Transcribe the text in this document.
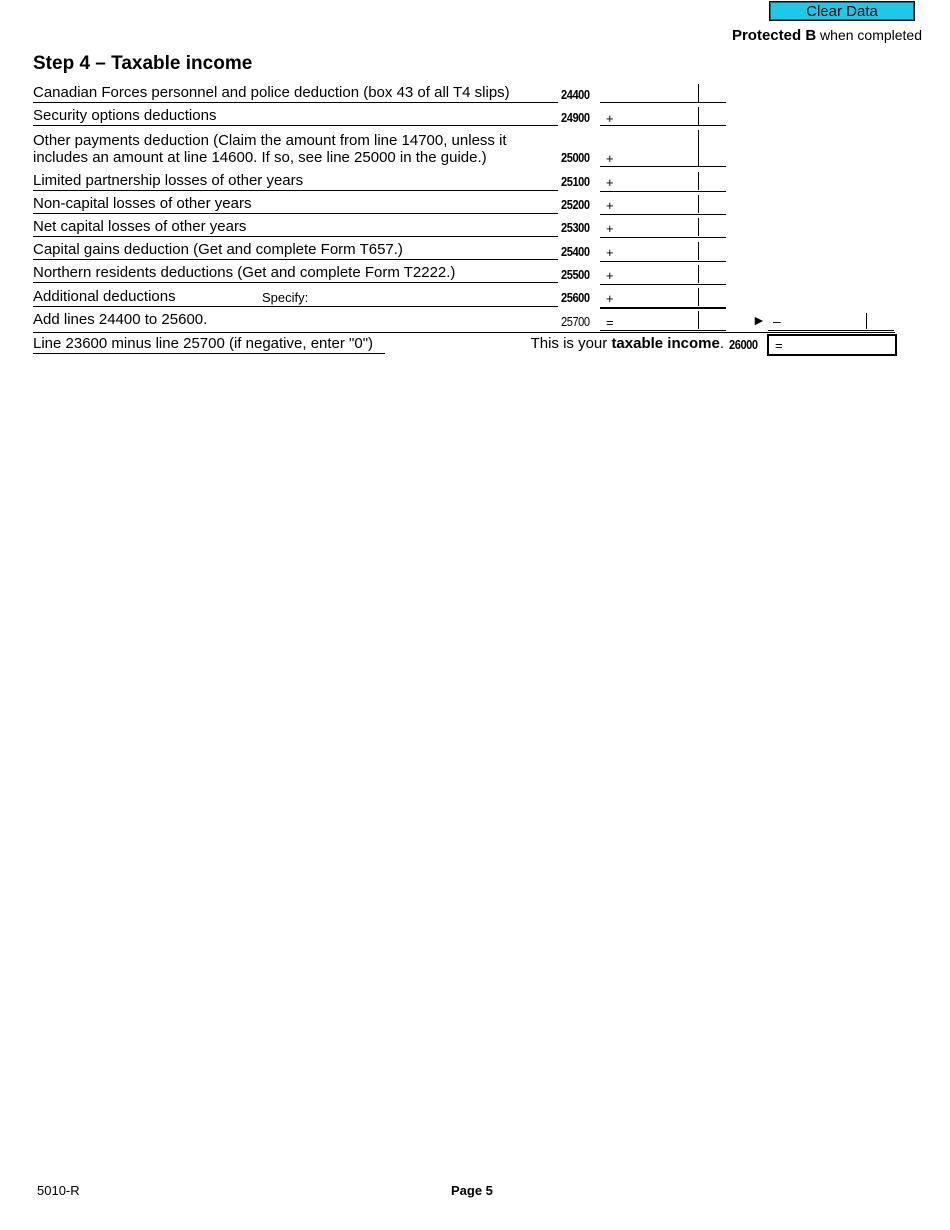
Clear Data
Protected B when completed
Step 4 – Taxable income
Canadian Forces personnel and police deduction (box 43 of all T4 slips)	24400
Security options deductions	24900 +
Other payments deduction (Claim the amount from line 14700, unless it includes an amount at line 14600. If so, see line 25000 in the guide.)	25000 +
Limited partnership losses of other years	25100 +
Non-capital losses of other years	25200 +
Net capital losses of other years	25300 +
Capital gains deduction (Get and complete Form T657.)	25400 +
Northern residents deductions (Get and complete Form T2222.)	25500 +
Additional deductions	Specify:	25600 +
Add lines 24400 to 25600.	25700 =	► –
Line 23600 minus line 25700 (if negative, enter "0")	This is your taxable income. 26000 =
5010-R	Page 5
